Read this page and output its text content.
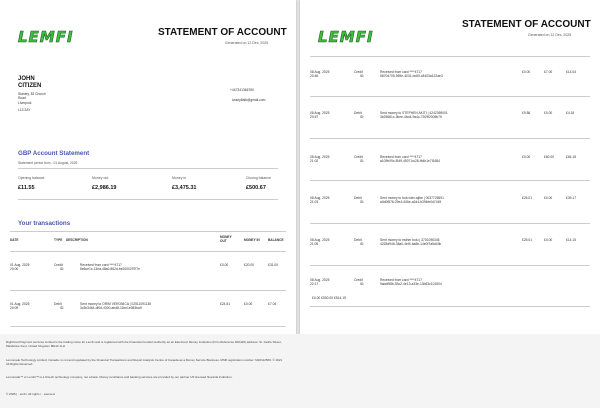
LEMFI	STATEMENT OF ACCOUNT
Generated on 12 Dec, 2025
JOHN
CITIZEN
Stanley, 83 Church
Road
Liverpool
L13 2AY
+447341366780
louuty8aib@gmail.com
GBP Account Statement
Statement period from - 01 August, 2025
Opening balance
£11.55
Money out
£2,986.19
Money in
£3,475.31
Closing balance
£500.67
Your transactions
DATE	TYPE DESCRIPTION
MONEY OUT	MONEY IN	BALANCE
01 Aug, 2025
20:00
Credit
ID:
Received from card ****4717
8e6ce1c-13ea-48a0-862d-be2000297f7e
£0.00	£20.00	£31.00
01 Aug, 2025
20:09
Debit
ID:
Sent money to ORIM VERONICA | 02511091136
3c3b3464-df0d-4300-abd8-11be1e083ba9
£24.51	£0.00	£7.04
LEMFI
STATEMENT OF ACCOUNT
Generated on 12 Dec, 2025
08 Aug, 2025
20:46
Credit
ID:
Received from card ****4717
5870d705-969e-4031-bc80-c8403a122ae3
£0.00	£7.00	£14.04
08 Aug, 2025
20:57
Debit
ID:
Sent money to STEPHEN AKITI | 4242369001
3b25681c-3bee-4bd4-9a4c-7209f2005b75
£9.86	£0.00	£4.18
08 Aug, 2025
21:02
Credit
ID:
Received from card ****4717
a109b09c-f549-4507-bc28-fb4b1e7f1684
£0.00	£60.00	£64.18
08 Aug, 2025
21:03
Debit
ID:
Sent money to bolu fatn-ajibe | 0037725591
a0d0f876-29e4-406e-a2d4-b394fe0d7449
£25.01	£0.00	£39.17
08 Aug, 2025
21:05
Debit
ID:
Sent money to esther bolu | 3701096345
4228d946-38a0-4ef4-ba8b-14e0f7a5d43b
£25.01	£0.00	£14.15
08 Aug, 2025
22:17
Credit
ID:
Received from card ****4717
9abdf58b-53c2-4e13-a33e-13b63c101504
£0.00 £500.00 £514.15
RightCard Payment services Limited is the trading name for LemFi and is registered with the Financial Conduct Authority as an Electronic Money Institution (Firm Reference 900426) address: St. Faiths Street, Maidstone Kent, United Kingdom ME14 1LH
Lemonade Technology Limited, Canada, is not and regulated by the Financial Transactions and Report Analysis Centre of Canada as a Money Service Business. MSB registration number: M22112566. © 2021 All Rights Reserved.
Lemonade™ or LemFi™ is a fintech technology company, not a bank. Money remittance and banking services are provided by our partner US licensed financial institution.
© 2025 | . emFi. All rights r . eserved.
